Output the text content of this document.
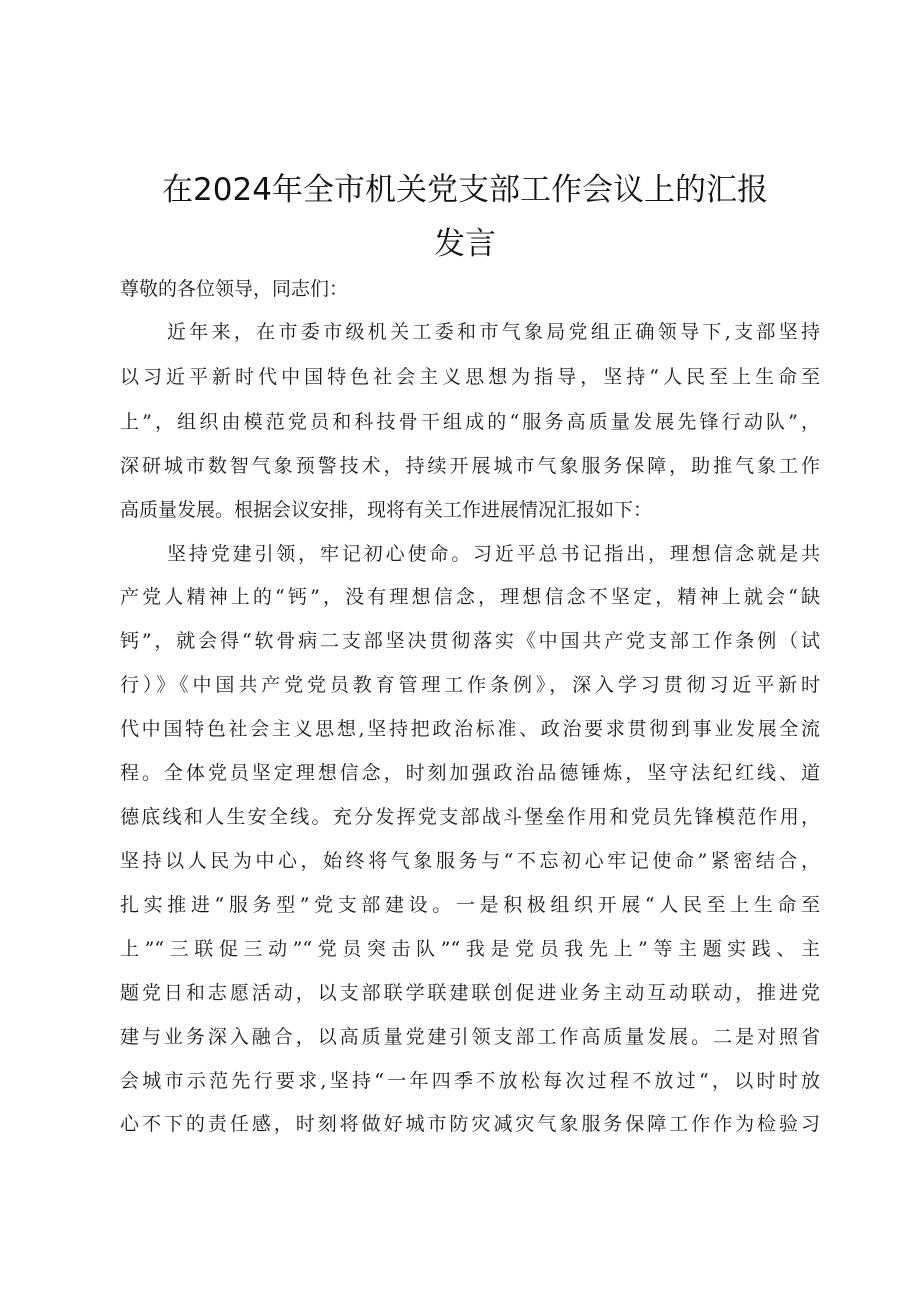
在2024年全市机关党支部工作会议上的汇报
发言
尊敬的各位领导，同志们：
近年来，在市委市级机关工委和市气象局党组正确领导下,支部坚持
以习近平新时代中国特色社会主义思想为指导，坚持“人民至上生命至
上”，组织由模范党员和科技骨干组成的“服务高质量发展先锋行动队”，
深研城市数智气象预警技术，持续开展城市气象服务保障，助推气象工作
高质量发展。根据会议安排，现将有关工作进展情况汇报如下：
坚持党建引领，牢记初心使命。习近平总书记指出，理想信念就是共
产党人精神上的“钙”，没有理想信念，理想信念不坚定，精神上就会“缺
钙”，就会得“软骨病二支部坚决贯彻落实《中国共产党支部工作条例（试
行）》《中国共产党党员教育管理工作条例》，深入学习贯彻习近平新时
代中国特色社会主义思想,坚持把政治标准、政治要求贯彻到事业发展全流
程。全体党员坚定理想信念，时刻加强政治品德锤炼，坚守法纪红线、道
德底线和人生安全线。充分发挥党支部战斗堡垒作用和党员先锋模范作用，
坚持以人民为中心，始终将气象服务与“不忘初心牢记使命”紧密结合，
扎实推进“服务型”党支部建设。一是积极组织开展“人民至上生命至
上”“三联促三动”“党员突击队”“我是党员我先上”等主题实践、主
题党日和志愿活动，以支部联学联建联创促进业务主动互动联动，推进党
建与业务深入融合，以高质量党建引领支部工作高质量发展。二是对照省
会城市示范先行要求,坚持“一年四季不放松每次过程不放过“，以时时放
心不下的责任感，时刻将做好城市防灾减灾气象服务保障工作作为检验习
